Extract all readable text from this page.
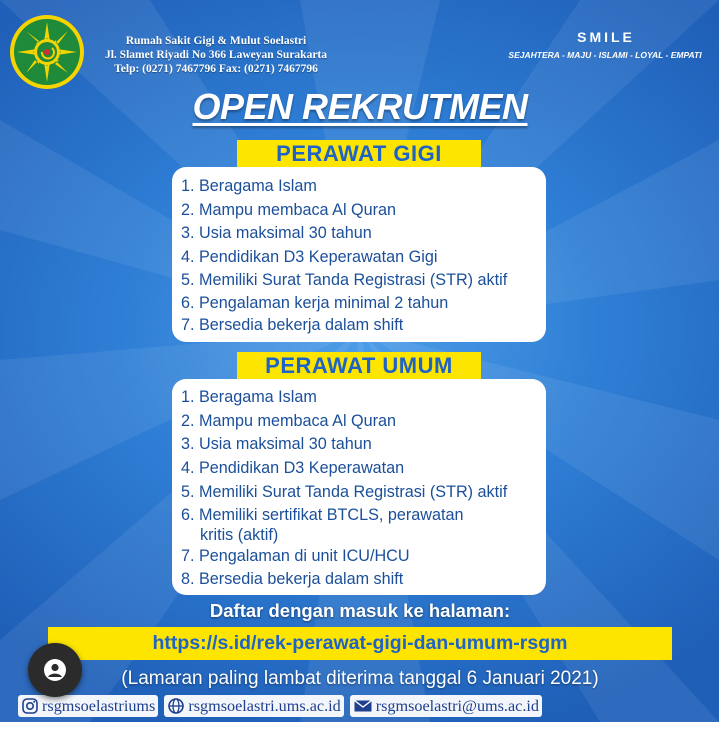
Rumah Sakit Gigi & Mulut Soelastri
Jl. Slamet Riyadi No 366 Laweyan Surakarta
Telp: (0271) 7467796 Fax: (0271) 7467796
SMILE
SEJAHTERA - MAJU - ISLAMI - LOYAL - EMPATI
OPEN REKRUTMEN
PERAWAT GIGI
1. Beragama Islam
2. Mampu membaca Al Quran
3. Usia maksimal 30 tahun
4. Pendidikan D3 Keperawatan Gigi
5. Memiliki Surat Tanda Registrasi (STR) aktif
6. Pengalaman kerja minimal 2 tahun
7. Bersedia bekerja dalam shift
PERAWAT UMUM
1. Beragama Islam
2. Mampu membaca Al Quran
3. Usia maksimal 30 tahun
4. Pendidikan D3 Keperawatan
5. Memiliki Surat Tanda Registrasi (STR) aktif
6. Memiliki sertifikat BTCLS, perawatan
kritis (aktif)
7. Pengalaman di unit ICU/HCU
8. Bersedia bekerja dalam shift
Daftar dengan masuk ke halaman:
https://s.id/rek-perawat-gigi-dan-umum-rsgm
(Lamaran paling lambat diterima tanggal 6 Januari 2021)
rsgmsoelastriums rsgmsoelastri.ums.ac.id rsgmsoelastri@ums.ac.id
